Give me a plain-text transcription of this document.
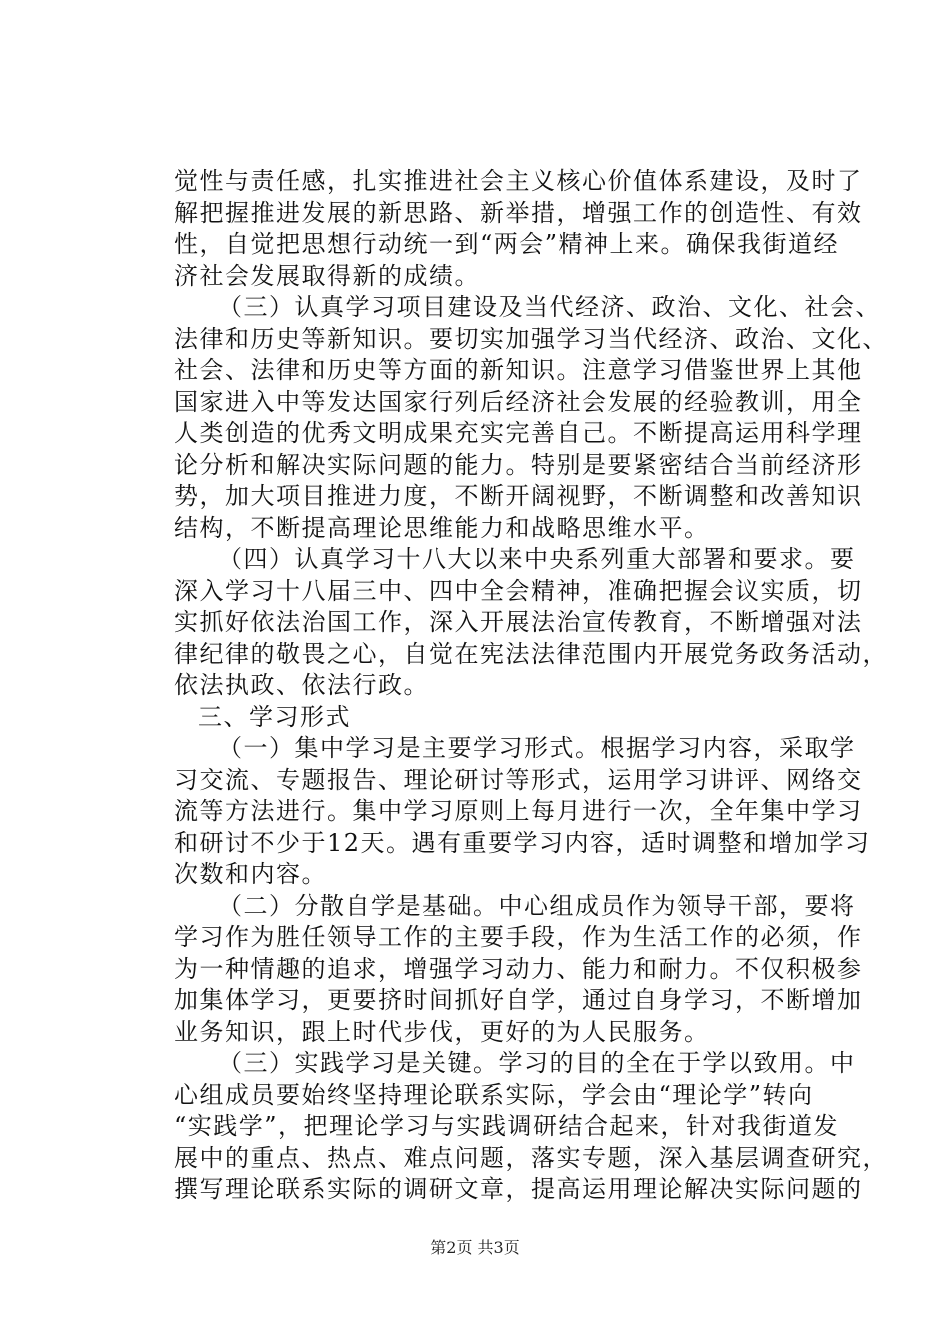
觉性与责任感，扎实推进社会主义核心价值体系建设，及时了
解把握推进发展的新思路、新举措，增强工作的创造性、有效
性，自觉把思想行动统一到“两会”精神上来。确保我街道经
济社会发展取得新的成绩。
（三）认真学习项目建设及当代经济、政治、文化、社会、
法律和历史等新知识。要切实加强学习当代经济、政治、文化、
社会、法律和历史等方面的新知识。注意学习借鉴世界上其他
国家进入中等发达国家行列后经济社会发展的经验教训，用全
人类创造的优秀文明成果充实完善自己。不断提高运用科学理
论分析和解决实际问题的能力。特别是要紧密结合当前经济形
势，加大项目推进力度，不断开阔视野，不断调整和改善知识
结构，不断提高理论思维能力和战略思维水平。
（四）认真学习十八大以来中央系列重大部署和要求。要
深入学习十八届三中、四中全会精神，准确把握会议实质，切
实抓好依法治国工作，深入开展法治宣传教育，不断增强对法
律纪律的敬畏之心，自觉在宪法法律范围内开展党务政务活动，
依法执政、依法行政。
三、学习形式
（一）集中学习是主要学习形式。根据学习内容，采取学
习交流、专题报告、理论研讨等形式，运用学习讲评、网络交
流等方法进行。集中学习原则上每月进行一次，全年集中学习
和研讨不少于12天。遇有重要学习内容，适时调整和增加学习
次数和内容。
（二）分散自学是基础。中心组成员作为领导干部，要将
学习作为胜任领导工作的主要手段，作为生活工作的必须，作
为一种情趣的追求，增强学习动力、能力和耐力。不仅积极参
加集体学习，更要挤时间抓好自学，通过自身学习，不断增加
业务知识，跟上时代步伐，更好的为人民服务。
（三）实践学习是关键。学习的目的全在于学以致用。中
心组成员要始终坚持理论联系实际，学会由“理论学”转向
“实践学”，把理论学习与实践调研结合起来，针对我街道发
展中的重点、热点、难点问题，落实专题，深入基层调查研究，
撰写理论联系实际的调研文章，提高运用理论解决实际问题的
第2页 共3页
